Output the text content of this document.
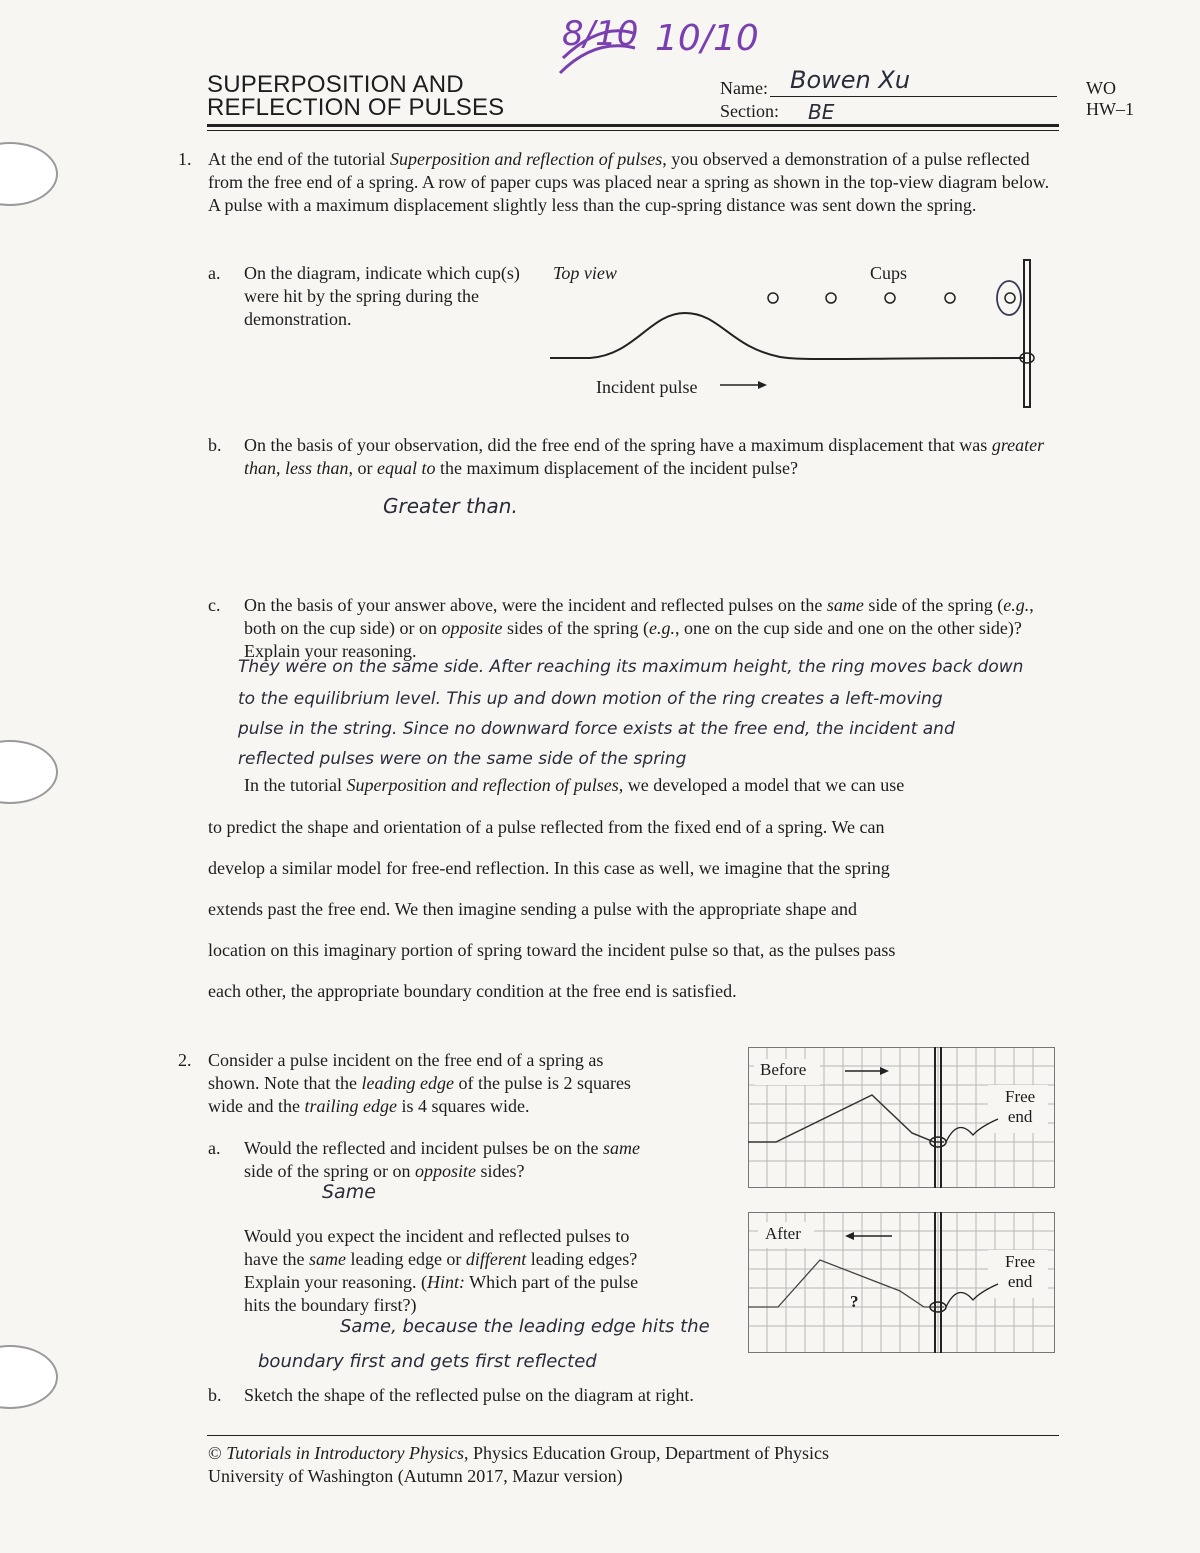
SUPERPOSITION AND
REFLECTION OF PULSES
8/10 10/10
Name: Bowen Xu
Section: BE
WO
HW–1
1. At the end of the tutorial Superposition and reflection of pulses, you observed a demonstration of a pulse reflected from the free end of a spring. A row of paper cups was placed near a spring as shown in the top-view diagram below. A pulse with a maximum displacement slightly less than the cup-spring distance was sent down the spring.
a. On the diagram, indicate which cup(s) were hit by the spring during the demonstration.
Top view	Cups
Incident pulse
b. On the basis of your observation, did the free end of the spring have a maximum displacement that was greater than, less than, or equal to the maximum displacement of the incident pulse?
Greater than.
c. On the basis of your answer above, were the incident and reflected pulses on the same side of the spring (e.g., both on the cup side) or on opposite sides of the spring (e.g., one on the cup side and one on the other side)? Explain your reasoning.
They were on the same side. After reaching its maximum height, the ring moves back down
to the equilibrium level. This up and down motion of the ring creates a left-moving
pulse in the string. Since no downward force exists at the free end, the incident and
reflected pulses were on the same side of the spring
In the tutorial Superposition and reflection of pulses, we developed a model that we can use
to predict the shape and orientation of a pulse reflected from the fixed end of a spring. We can
develop a similar model for free-end reflection. In this case as well, we imagine that the spring
extends past the free end. We then imagine sending a pulse with the appropriate shape and
location on this imaginary portion of spring toward the incident pulse so that, as the pulses pass
each other, the appropriate boundary condition at the free end is satisfied.
2. Consider a pulse incident on the free end of a spring as
shown. Note that the leading edge of the pulse is 2 squares
wide and the trailing edge is 4 squares wide.
a. Would the reflected and incident pulses be on the same
side of the spring or on opposite sides?
Same
Would you expect the incident and reflected pulses to
have the same leading edge or different leading edges?
Explain your reasoning. (Hint: Which part of the pulse
hits the boundary first?)
Same, because the leading edge hits the
boundary first and gets first reflected
b. Sketch the shape of the reflected pulse on the diagram at right.
Before
Free
end
After
Free
end
?
© Tutorials in Introductory Physics, Physics Education Group, Department of Physics
University of Washington (Autumn 2017, Mazur version)
